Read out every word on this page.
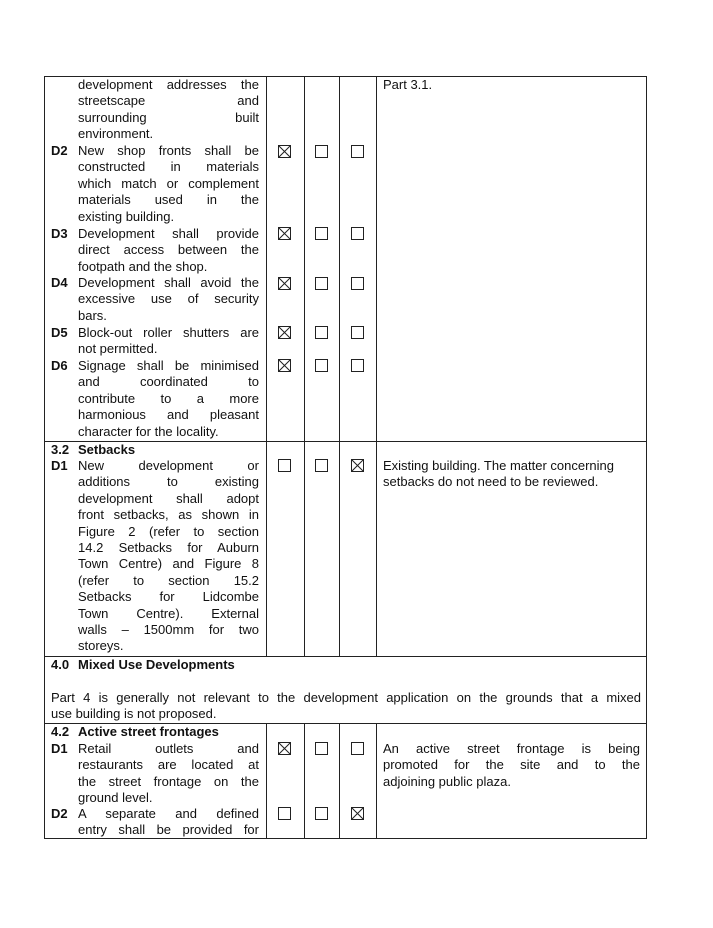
development addresses the
streetscape and
surrounding built
environment.
D2 New shop fronts shall be
constructed in materials
which match or complement
materials used in the
existing building.
D3 Development shall provide
direct access between the
footpath and the shop.
D4 Development shall avoid the
excessive use of security
bars.
D5 Block-out roller shutters are
not permitted.
D6 Signage shall be minimised
and coordinated to
contribute to a more
harmonious and pleasant
character for the locality.
Part 3.1.
3.2 Setbacks
D1 New development or
additions to existing
development shall adopt
front setbacks, as shown in
Figure 2 (refer to section
14.2 Setbacks for Auburn
Town Centre) and Figure 8
(refer to section 15.2
Setbacks for Lidcombe
Town Centre). External
walls – 1500mm for two
storeys.
Existing building. The matter concerning
setbacks do not need to be reviewed.
4.0 Mixed Use Developments
Part 4 is generally not relevant to the development application on the grounds that a mixed
use building is not proposed.
4.2 Active street frontages
D1 Retail outlets and
restaurants are located at
the street frontage on the
ground level.
D2 A separate and defined
entry shall be provided for
An active street frontage is being
promoted for the site and to the
adjoining public plaza.
